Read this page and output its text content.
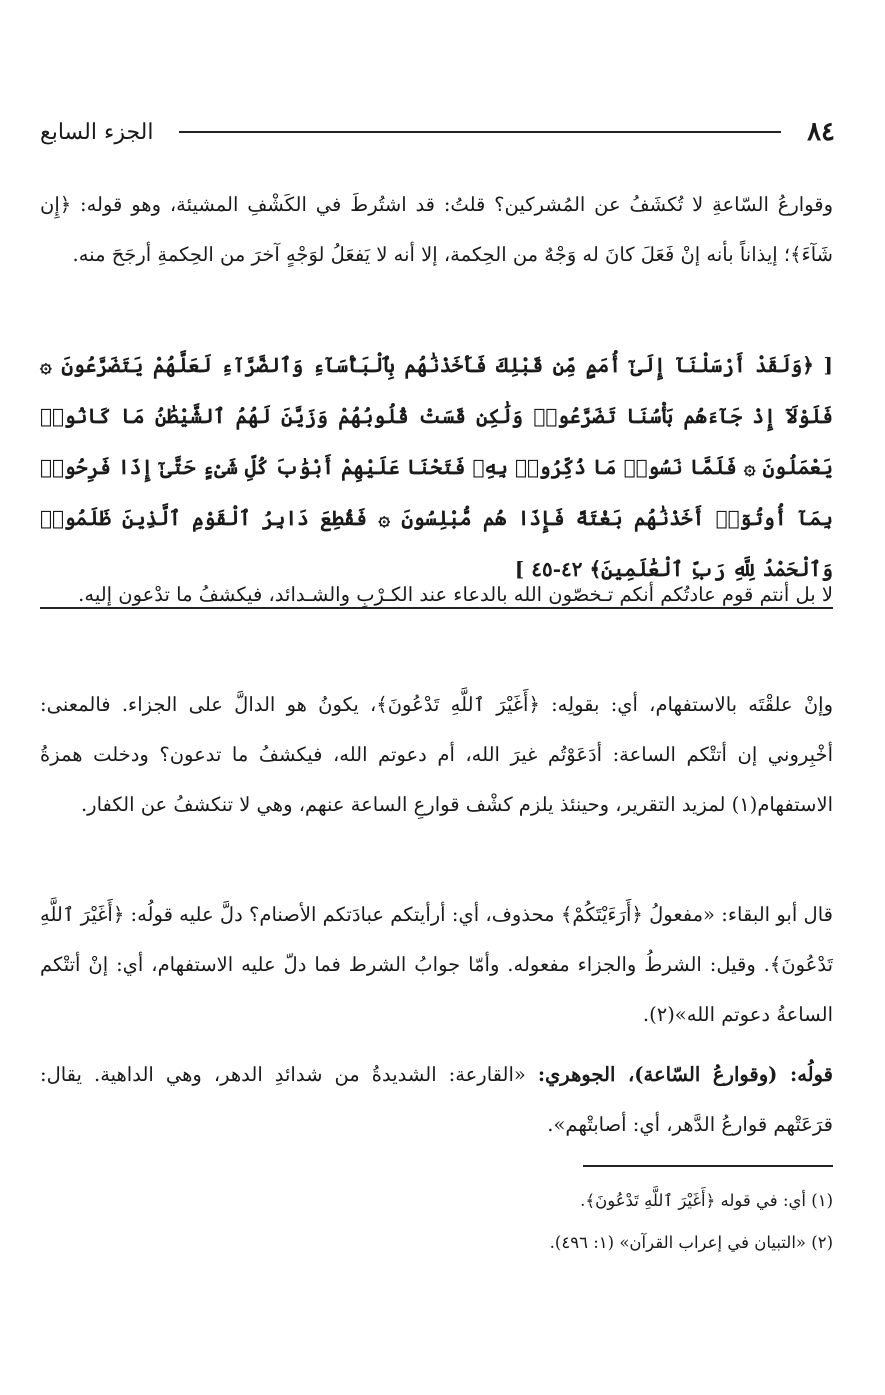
٨٤
الجزء السابع

وقوارعُ السّاعةِ لا تُكشَفُ عن المُشركين؟ قلتُ: قد اشتُرطَ في الكَشْفِ المشيئة، وهو قوله: ﴿إِن شَآءَ﴾؛ إيذاناً بأنه إنْ فَعَلَ كانَ له وَجْهٌ من الحِكمة، إلا أنه لا يَفعَلُ لوَجْهٍ آخرَ من الحِكمةِ أرجَحَ منه.

[ ﴿وَلَقَدْ أَرْسَلْنَآ إِلَىٰٓ أُمَمٍ مِّن قَبْلِكَ فَأَخَذْنَٰهُم بِٱلْبَأْسَآءِ وَٱلضَّرَّآءِ لَعَلَّهُمْ يَتَضَرَّعُونَ ۞ فَلَوْلَآ إِذْ جَآءَهُم بَأْسُنَا تَضَرَّعُوا۟ وَلَٰكِن قَسَتْ قُلُوبُهُمْ وَزَيَّنَ لَهُمُ ٱلشَّيْطَٰنُ مَا كَانُوا۟ يَعْمَلُونَ ۞ فَلَمَّا نَسُوا۟ مَا ذُكِّرُوا۟ بِهِۦ فَتَحْنَا عَلَيْهِمْ أَبْوَٰبَ كُلِّ شَىْءٍ حَتَّىٰٓ إِذَا فَرِحُوا۟ بِمَآ أُوتُوٓا۟ أَخَذْنَٰهُم بَغْتَةً فَإِذَا هُم مُّبْلِسُونَ ۞ فَقُطِعَ دَابِرُ ٱلْقَوْمِ ٱلَّذِينَ ظَلَمُوا۟ وَٱلْحَمْدُ لِلَّهِ رَبِّ ٱلْعَٰلَمِينَ﴾ ٤٢-٤٥ ]

لا بل أنتم قوم عادتُكم أنكم تـخصّون الله بالدعاء عند الكـرْبِ والشـدائد، فيكشفُ ما تدْعون إليه.

وإنْ علقْتَه بالاستفهام، أي: بقولِه: ﴿أَغَيْرَ ٱللَّهِ تَدْعُونَ﴾، يكونُ هو الدالَّ على الجزاء. فالمعنى: أخْبِروني إن أتتْكم الساعة: أدَعَوْتُم غيرَ الله، أم دعوتم الله، فيكشفُ ما تدعون؟ ودخلت همزةُ الاستفهام(١) لمزيد التقرير، وحينئذ يلزم كشْف قوارعِ الساعة عنهم، وهي لا تنكشفُ عن الكفار.

قال أبو البقاء: «مفعولُ ﴿أَرَءَيْتَكُمْ﴾ محذوف، أي: أرأيتكم عبادَتكم الأصنام؟ دلَّ عليه قولُه: ﴿أَغَيْرَ ٱللَّهِ تَدْعُونَ﴾. وقيل: الشرطُ والجزاء مفعوله. وأمّا جوابُ الشرط فما دلّ عليه الاستفهام، أي: إنْ أتتْكم الساعةُ دعوتم الله»(٢).

قولُه: (وقوارعُ السّاعة)، الجوهري: «القارعة: الشديدةُ من شدائدِ الدهر، وهي الداهية. يقال: قرَعَتْهم قوارعُ الدَّهر، أي: أصابتْهم».

(١) أي: في قوله ﴿أَغَيْرَ ٱللَّهِ تَدْعُونَ﴾.
(٢) «التبيان في إعراب القرآن» (١: ٤٩٦).
